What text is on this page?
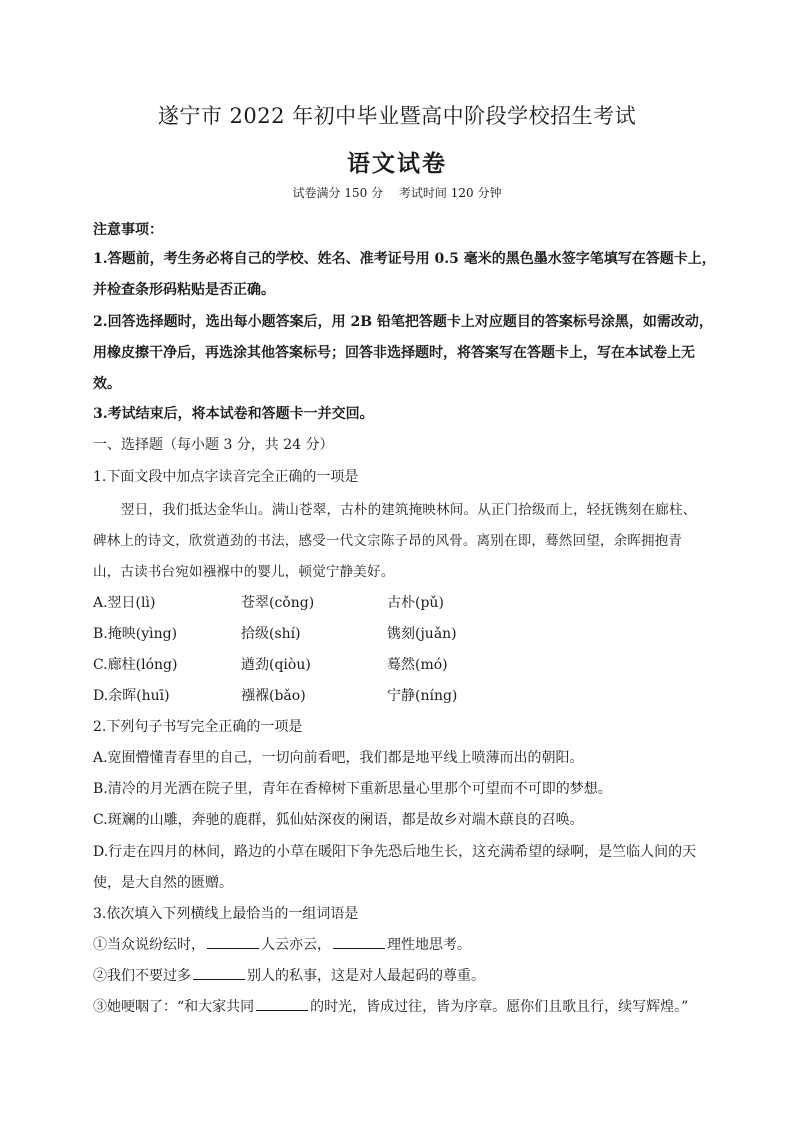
遂宁市 2022 年初中毕业暨高中阶段学校招生考试
语文试卷
试卷满分 150 分 考试时间 120 分钟
注意事项：
1.答题前，考生务必将自己的学校、姓名、准考证号用 0.5 毫米的黑色墨水签字笔填写在答题卡上，
并检查条形码粘贴是否正确。
2.回答选择题时，选出每小题答案后，用 2B 铅笔把答题卡上对应题目的答案标号涂黑，如需改动，
用橡皮擦干净后，再选涂其他答案标号；回答非选择题时，将答案写在答题卡上，写在本试卷上无
效。
3.考试结束后，将本试卷和答题卡一并交回。
一、选择题（每小题 3 分，共 24 分）
1.下面文段中加点字读音完全正确的一项是
翌日，我们抵达金华山。满山苍翠，古朴的建筑掩映林间。从正门拾级而上，轻抚镌刻在廊柱、
碑林上的诗文，欣赏遒劲的书法，感受一代文宗陈子昂的风骨。离别在即，蓦然回望，余晖拥抱青
山，古读书台宛如襁褓中的婴儿，顿觉宁静美好。
A.翌日(lì)	苍翠(cǒng)	古朴(pǔ)
B.掩映(yìng)	拾级(shí)	镌刻(juǎn)
C.廊柱(lóng)	遒劲(qiòu)	蓦然(mó)
D.余晖(huī)	襁褓(bǎo)	宁静(níng)
2.下列句子书写完全正确的一项是
A.宽囿懵懂青春里的自己，一切向前看吧，我们都是地平线上喷薄而出的朝阳。
B.清冷的月光洒在院子里，青年在香樟树下重新思量心里那个可望而不可即的梦想。
C.斑斓的山雕，奔驰的鹿群，狐仙姑深夜的阑语，都是故乡对端木蕻良的召唤。
D.行走在四月的林间，路边的小草在暖阳下争先恐后地生长，这充满希望的绿啊，是竺临人间的天
使，是大自然的匮赠。
3.依次填入下列横线上最恰当的一组词语是
①当众说纷纭时，	人云亦云，	理性地思考。
②我们不要过多	别人的私事，这是对人最起码的尊重。
③她哽咽了：“和大家共同	的时光，皆成过往，皆为序章。愿你们且歌且行，续写辉煌。”
